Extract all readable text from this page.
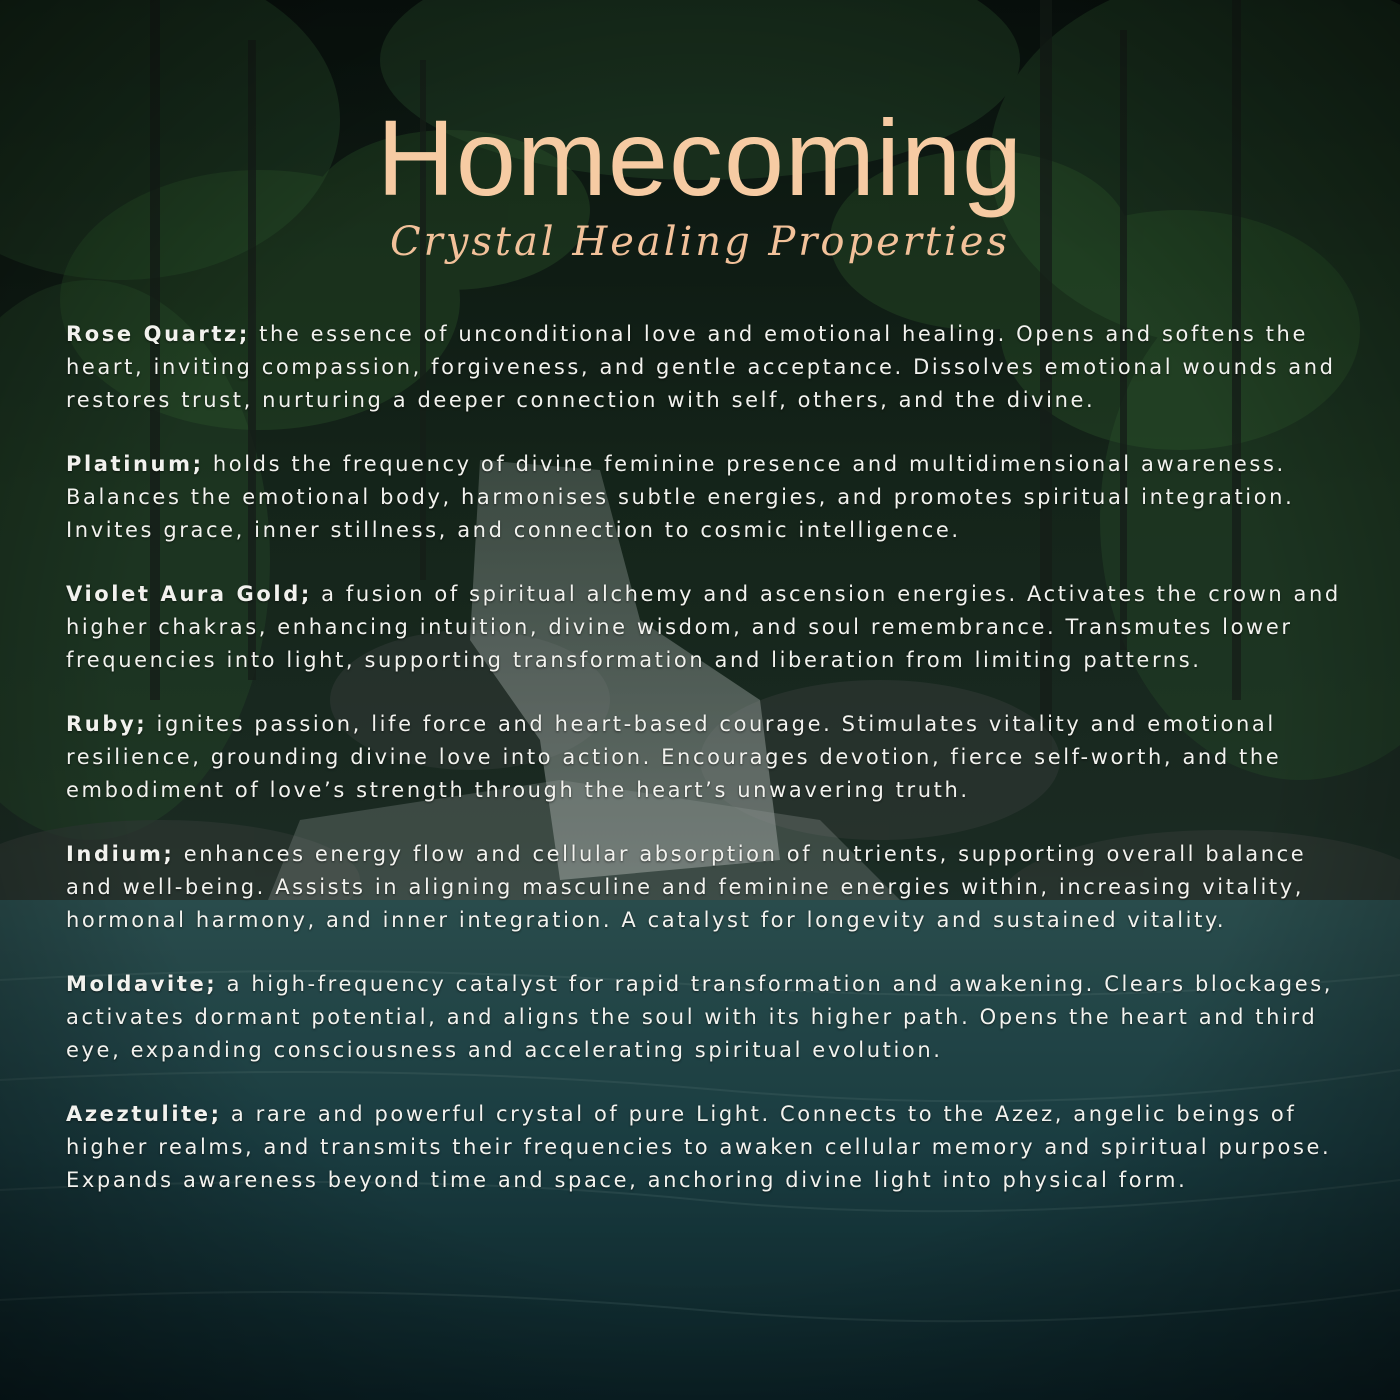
Homecoming
Crystal Healing Properties

Rose Quartz; the essence of unconditional love and emotional healing. Opens and softens the heart, inviting compassion, forgiveness, and gentle acceptance. Dissolves emotional wounds and restores trust, nurturing a deeper connection with self, others, and the divine.

Platinum; holds the frequency of divine feminine presence and multidimensional awareness. Balances the emotional body, harmonises subtle energies, and promotes spiritual integration. Invites grace, inner stillness, and connection to cosmic intelligence.

Violet Aura Gold; a fusion of spiritual alchemy and ascension energies. Activates the crown and higher chakras, enhancing intuition, divine wisdom, and soul remembrance. Transmutes lower frequencies into light, supporting transformation and liberation from limiting patterns.

Ruby; ignites passion, life force and heart-based courage. Stimulates vitality and emotional resilience, grounding divine love into action. Encourages devotion, fierce self-worth, and the embodiment of love’s strength through the heart’s unwavering truth.

Indium; enhances energy flow and cellular absorption of nutrients, supporting overall balance and well-being. Assists in aligning masculine and feminine energies within, increasing vitality, hormonal harmony, and inner integration. A catalyst for longevity and sustained vitality.

Moldavite; a high-frequency catalyst for rapid transformation and awakening. Clears blockages, activates dormant potential, and aligns the soul with its higher path. Opens the heart and third eye, expanding consciousness and accelerating spiritual evolution.

Azeztulite; a rare and powerful crystal of pure Light. Connects to the Azez, angelic beings of higher realms, and transmits their frequencies to awaken cellular memory and spiritual purpose. Expands awareness beyond time and space, anchoring divine light into physical form.
